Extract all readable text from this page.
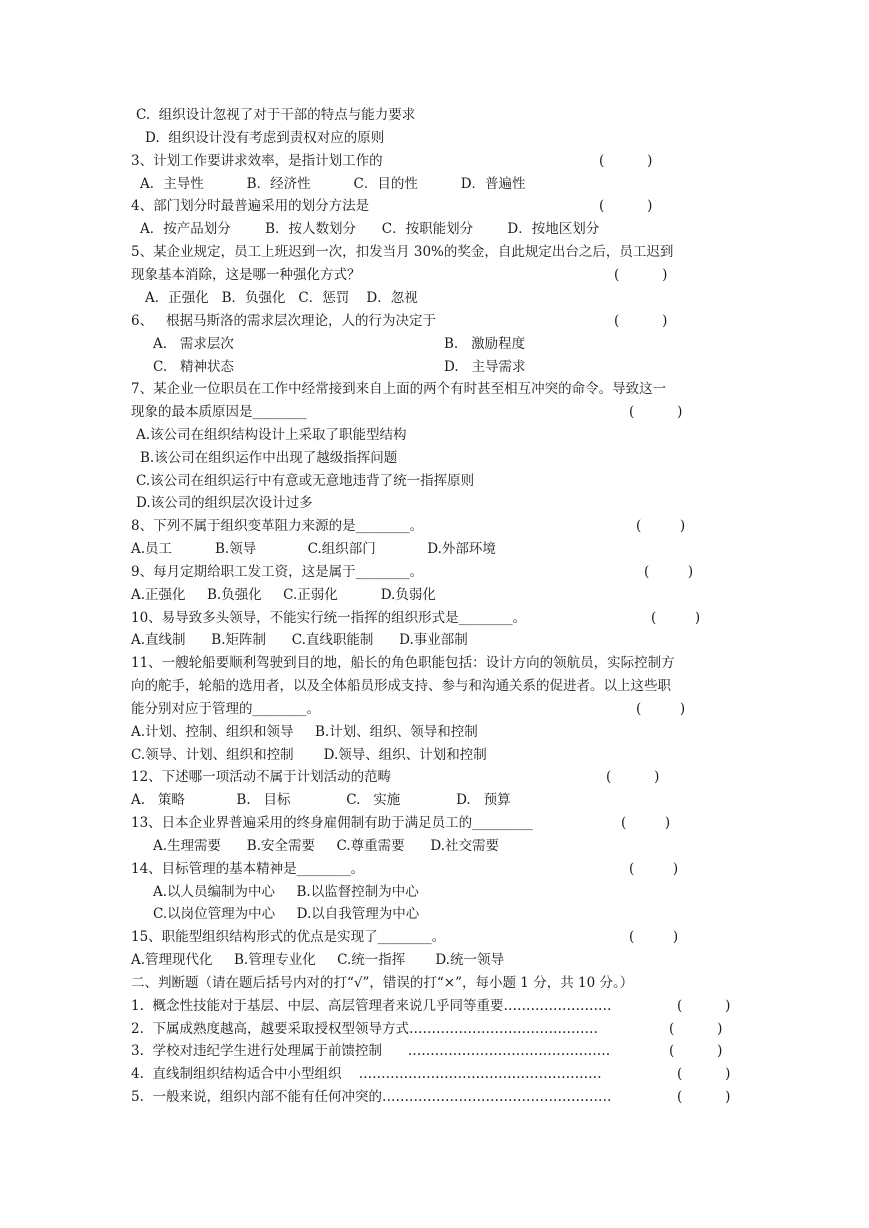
C.  组织设计忽视了对于干部的特点与能力要求
D.  组织设计没有考虑到责权对应的原则
3、计划工作要讲求效率，是指计划工作的	(          )
A．主导性          B．经济性          C．目的性          D．普遍性
4、部门划分时最普遍采用的划分方法是	(          )
A．按产品划分        B．按人数划分      C．按职能划分        D．按地区划分
5、某企业规定，员工上班迟到一次，扣发当月 30%的奖金，自此规定出台之后，员工迟到
现象基本消除，这是哪一种强化方式？	(          )
A．正强化   B．负强化   C．惩罚    D．忽视
6、   根据马斯洛的需求层次理论，人的行为决定于	(          )
A.   需求层次	B.   激励程度
C.   精神状态	D.   主导需求
7、某企业一位职员在工作中经常接到来自上面的两个有时甚至相互冲突的命令。导致这一
现象的最本质原因是________	(          )
A.该公司在组织结构设计上采取了职能型结构
B.该公司在组织运作中出现了越级指挥问题
C.该公司在组织运行中有意或无意地违背了统一指挥原则
D.该公司的组织层次设计过多
8、下列不属于组织变革阻力来源的是________。	(         )
A.员工          B.领导            C.组织部门            D.外部环境
9、每月定期给职工发工资，这是属于________。	(         )
A.正强化     B.负强化     C.正弱化          D.负弱化
10、易导致多头领导，不能实行统一指挥的组织形式是________。	(         )
A.直线制      B.矩阵制      C.直线职能制      D.事业部制
11、一艘轮船要顺利驾驶到目的地，船长的角色职能包括：设计方向的领航员，实际控制方
向的舵手，轮船的选用者，以及全体船员形成支持、参与和沟通关系的促进者。以上这些职
能分别对应于管理的________。	(         )
A.计划、控制、组织和领导     B.计划、组织、领导和控制
C.领导、计划、组织和控制       D.领导、组织、计划和控制
12、下述哪一项活动不属于计划活动的范畴	(          )
A.   策略            B.   目标             C.   实施             D.   预算
13、日本企业界普遍采用的终身雇佣制有助于满足员工的_________	(         )
A.生理需要      B.安全需要     C.尊重需要      D.社交需要
14、目标管理的基本精神是________。	(         )
A.以人员编制为中心     B.以监督控制为中心
C.以岗位管理为中心     D.以自我管理为中心
15、职能型组织结构形式的优点是实现了________。	(         )
A.管理现代化     B.管理专业化     C.统一指挥       D.统一领导
二、判断题（请在题后括号内对的打“√”，错误的打“×”，每小题 1 分，共 10 分。）
1.  概念性技能对于基层、中层、高层管理者来说几乎同等重要……………………	(          )
2.  下属成熟度越高，越要采取授权型领导方式……………………………………	(          )
3.  学校对违纪学生进行处理属于前馈控制      ………………………………………	(          )
4.  直线制组织结构适合中小型组织    ………………………………………………	(          )
5.  一般来说，组织内部不能有任何冲突的……………………………………………	(          )
